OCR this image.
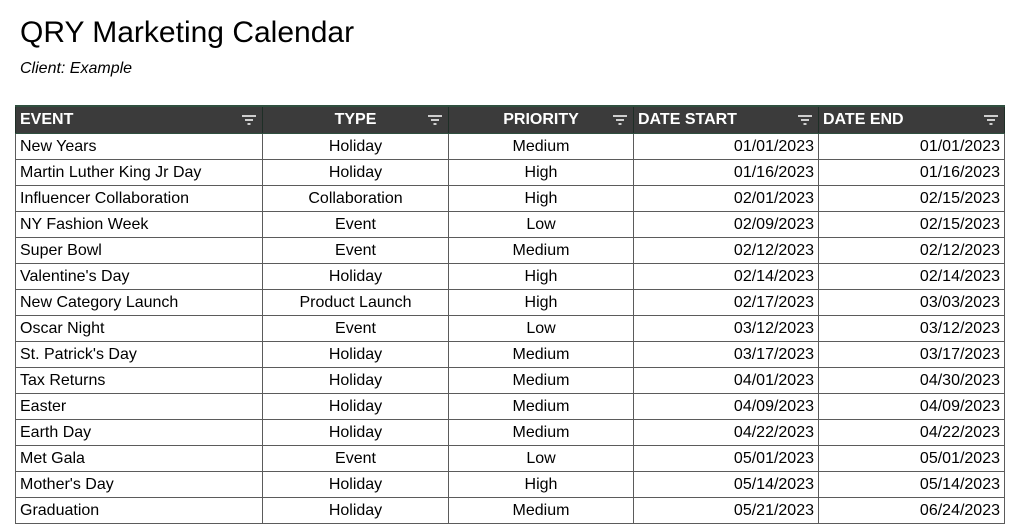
QRY Marketing Calendar

Client: Example

EVENT	TYPE	PRIORITY	DATE START	DATE END

New Years	Holiday	Medium	01/01/2023	01/01/2023
Martin Luther King Jr Day	Holiday	High	01/16/2023	01/16/2023
Influencer Collaboration	Collaboration	High	02/01/2023	02/15/2023
NY Fashion Week	Event	Low	02/09/2023	02/15/2023
Super Bowl	Event	Medium	02/12/2023	02/12/2023
Valentine's Day	Holiday	High	02/14/2023	02/14/2023
New Category Launch	Product Launch	High	02/17/2023	03/03/2023
Oscar Night	Event	Low	03/12/2023	03/12/2023
St. Patrick's Day	Holiday	Medium	03/17/2023	03/17/2023
Tax Returns	Holiday	Medium	04/01/2023	04/30/2023
Easter	Holiday	Medium	04/09/2023	04/09/2023
Earth Day	Holiday	Medium	04/22/2023	04/22/2023
Met Gala	Event	Low	05/01/2023	05/01/2023
Mother's Day	Holiday	High	05/14/2023	05/14/2023
Graduation	Holiday	Medium	05/21/2023	06/24/2023
